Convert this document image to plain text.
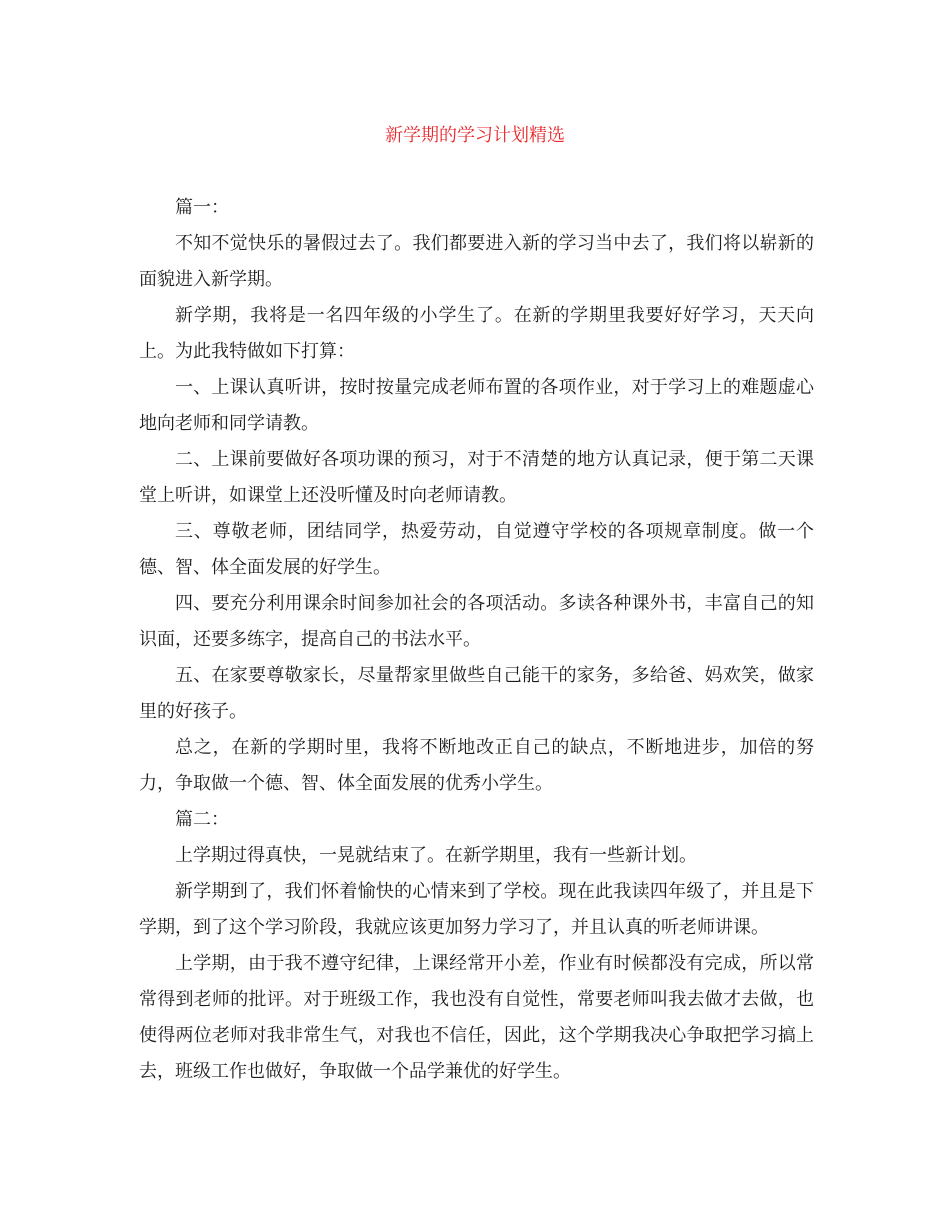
新学期的学习计划精选

篇一：

不知不觉快乐的暑假过去了。我们都要进入新的学习当中去了，我们将以崭新的面貌进入新学期。

新学期，我将是一名四年级的小学生了。在新的学期里我要好好学习，天天向上。为此我特做如下打算：

一、上课认真听讲，按时按量完成老师布置的各项作业，对于学习上的难题虚心地向老师和同学请教。

二、上课前要做好各项功课的预习，对于不清楚的地方认真记录，便于第二天课堂上听讲，如课堂上还没听懂及时向老师请教。

三、尊敬老师，团结同学，热爱劳动，自觉遵守学校的各项规章制度。做一个德、智、体全面发展的好学生。

四、要充分利用课余时间参加社会的各项活动。多读各种课外书，丰富自己的知识面，还要多练字，提高自己的书法水平。

五、在家要尊敬家长，尽量帮家里做些自己能干的家务，多给爸、妈欢笑，做家里的好孩子。

总之，在新的学期时里，我将不断地改正自己的缺点，不断地进步，加倍的努力，争取做一个德、智、体全面发展的优秀小学生。

篇二：

上学期过得真快，一晃就结束了。在新学期里，我有一些新计划。

新学期到了，我们怀着愉快的心情来到了学校。现在此我读四年级了，并且是下学期，到了这个学习阶段，我就应该更加努力学习了，并且认真的听老师讲课。

上学期，由于我不遵守纪律，上课经常开小差，作业有时候都没有完成，所以常常得到老师的批评。对于班级工作，我也没有自觉性，常要老师叫我去做才去做，也使得两位老师对我非常生气，对我也不信任，因此，这个学期我决心争取把学习搞上去，班级工作也做好，争取做一个品学兼优的好学生。
